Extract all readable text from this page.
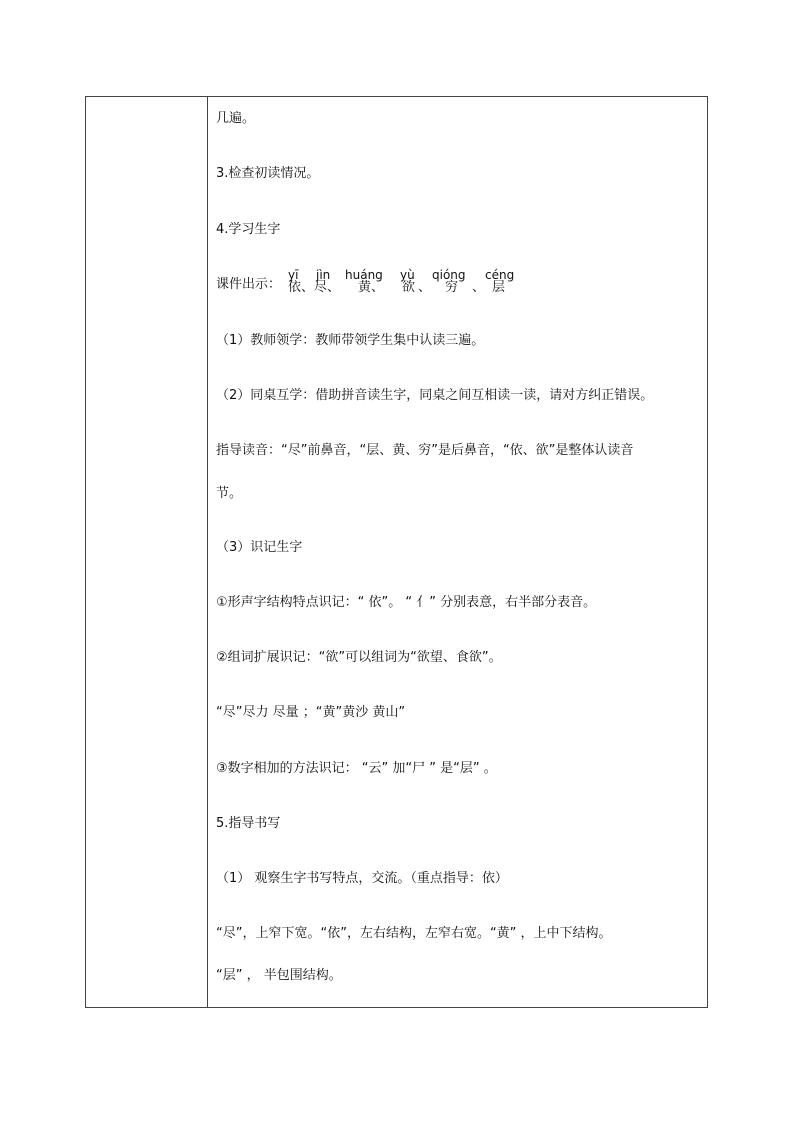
几遍。
3.检查初读情况。
4.学习生字
课件出示：
yī jìn huáng yù qióng céng
依 、 尽 、 黄 、 欲 、 穷 、 层
（1）教师领学：教师带领学生集中认读三遍。
（2）同桌互学：借助拼音读生字，同桌之间互相读一读，请对方纠正错误。
指导读音：“尽”前鼻音，“层、黄、穷”是后鼻音，“依、欲”是整体认读音
节。
（3）识记生字
①形声字结构特点识记：“ 依”。 “ 亻” 分别表意，右半部分表音。
②组词扩展识记：“欲”可以组词为“欲望、食欲”。
“尽”尽力 尽量 ；“黄”黄沙 黄山”
③数字相加的方法识记： “云” 加“尸 ” 是“层” 。
5.指导书写
（1） 观察生字书写特点，交流。（重点指导：依）
“尽”，上窄下宽。“依”，左右结构，左窄右宽。“黄” ，上中下结构。
“层” ， 半包围结构。
